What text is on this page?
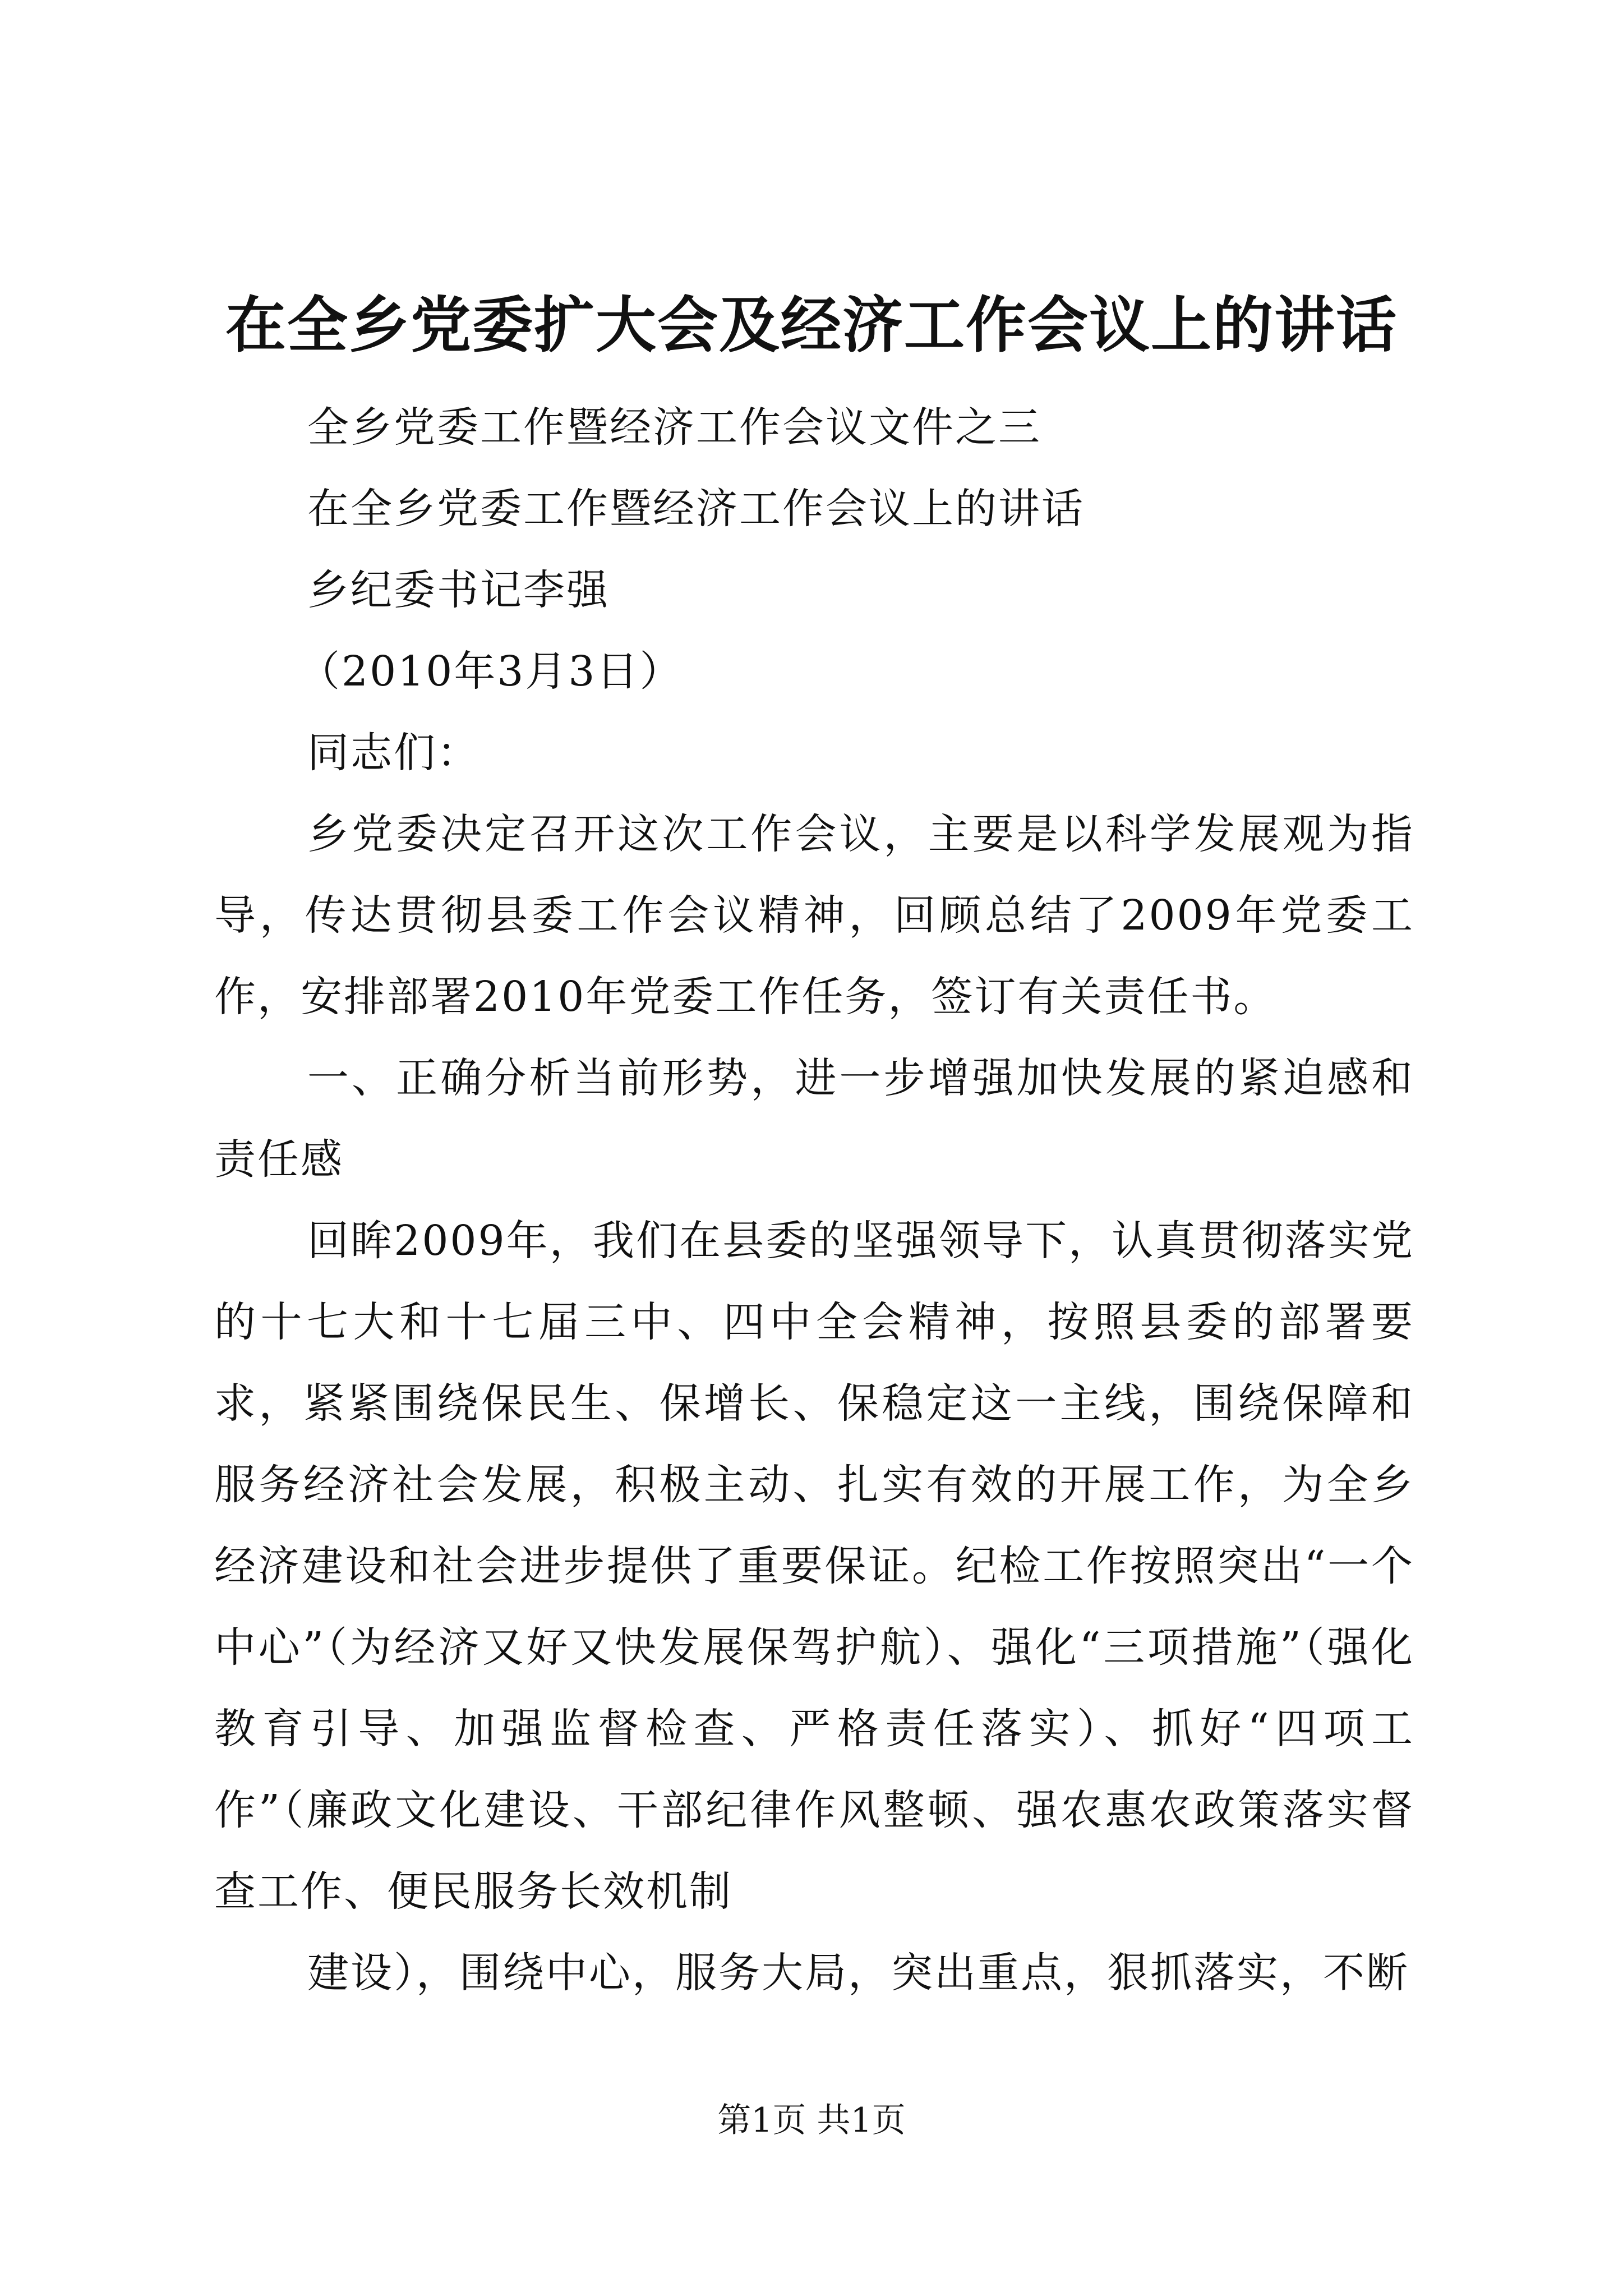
在全乡党委扩大会及经济工作会议上的讲话

全乡党委工作暨经济工作会议文件之三

在全乡党委工作暨经济工作会议上的讲话

乡纪委书记李强

（2010年3月3日）

同志们：

乡党委决定召开这次工作会议，主要是以科学发展观为指导，传达贯彻县委工作会议精神，回顾总结了2009年党委工作，安排部署2010年党委工作任务，签订有关责任书。

一、正确分析当前形势，进一步增强加快发展的紧迫感和责任感

回眸2009年，我们在县委的坚强领导下，认真贯彻落实党的十七大和十七届三中、四中全会精神，按照县委的部署要求，紧紧围绕保民生、保增长、保稳定这一主线，围绕保障和服务经济社会发展，积极主动、扎实有效的开展工作，为全乡经济建设和社会进步提供了重要保证。纪检工作按照突出“一个中心”（为经济又好又快发展保驾护航）、强化“三项措施”（强化教育引导、加强监督检查、严格责任落实）、抓好“四项工作”（廉政文化建设、干部纪律作风整顿、强农惠农政策落实督查工作、便民服务长效机制

建设），围绕中心，服务大局，突出重点，狠抓落实，不断

第1页 共1页
